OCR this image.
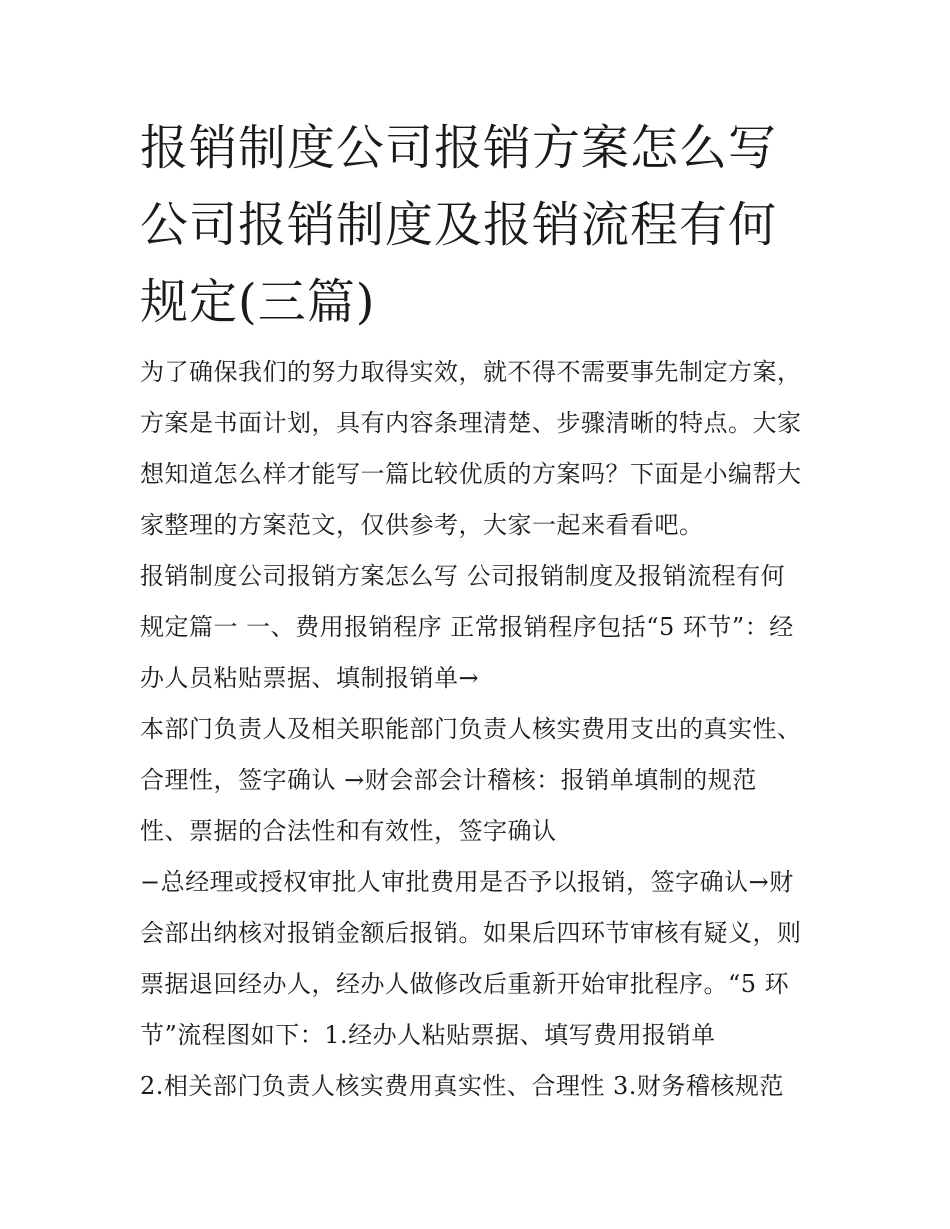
报销制度公司报销方案怎么写
公司报销制度及报销流程有何
规定(三篇)
为了确保我们的努力取得实效，就不得不需要事先制定方案，
方案是书面计划，具有内容条理清楚、步骤清晰的特点。大家
想知道怎么样才能写一篇比较优质的方案吗？下面是小编帮大
家整理的方案范文，仅供参考，大家一起来看看吧。
报销制度公司报销方案怎么写 公司报销制度及报销流程有何
规定篇一 一、费用报销程序 正常报销程序包括“5 环节”：经
办人员粘贴票据、填制报销单→
本部门负责人及相关职能部门负责人核实费用支出的真实性、
合理性，签字确认 →财会部会计稽核：报销单填制的规范
性、票据的合法性和有效性，签字确认
−总经理或授权审批人审批费用是否予以报销，签字确认→财
会部出纳核对报销金额后报销。如果后四环节审核有疑义，则
票据退回经办人，经办人做修改后重新开始审批程序。“5 环
节”流程图如下：1.经办人粘贴票据、填写费用报销单
2.相关部门负责人核实费用真实性、合理性 3.财务稽核规范
